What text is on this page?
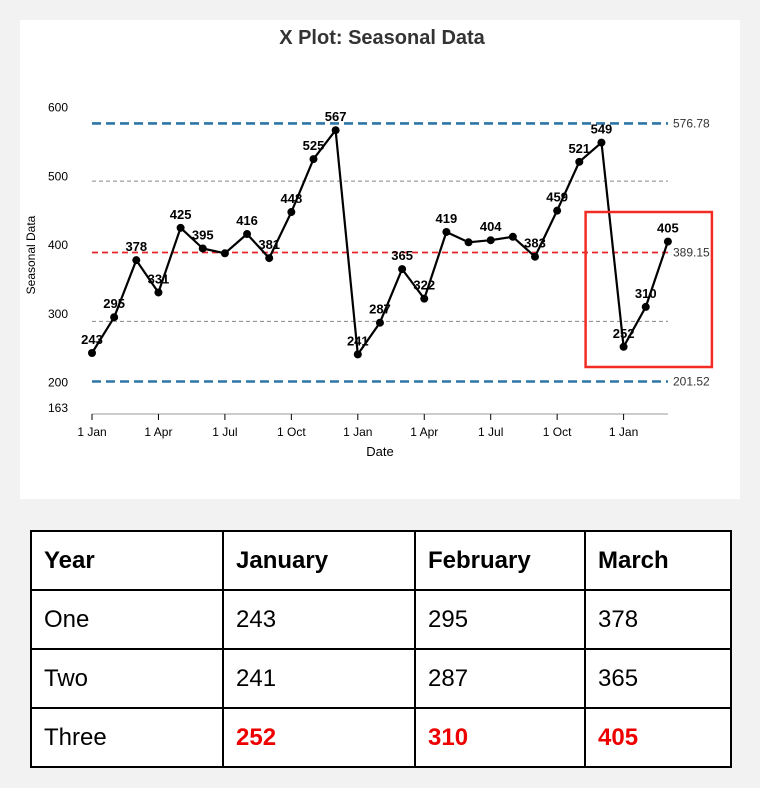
X Plot: Seasonal Data
Seasonal Data
Date
163
200
300
400
500
600
1 Jan	1 Apr	1 Jul	1 Oct	1 Jan	1 Apr	1 Jul	1 Oct	1 Jan
576.78
389.15
201.52
243
295
378
331
425
395
416
381
448
525
567
241
287
365
322
419
404
383
459
521
549
252
310
405
Year	January	February	March
One	243	295	378
Two	241	287	365
Three	252	310	405
